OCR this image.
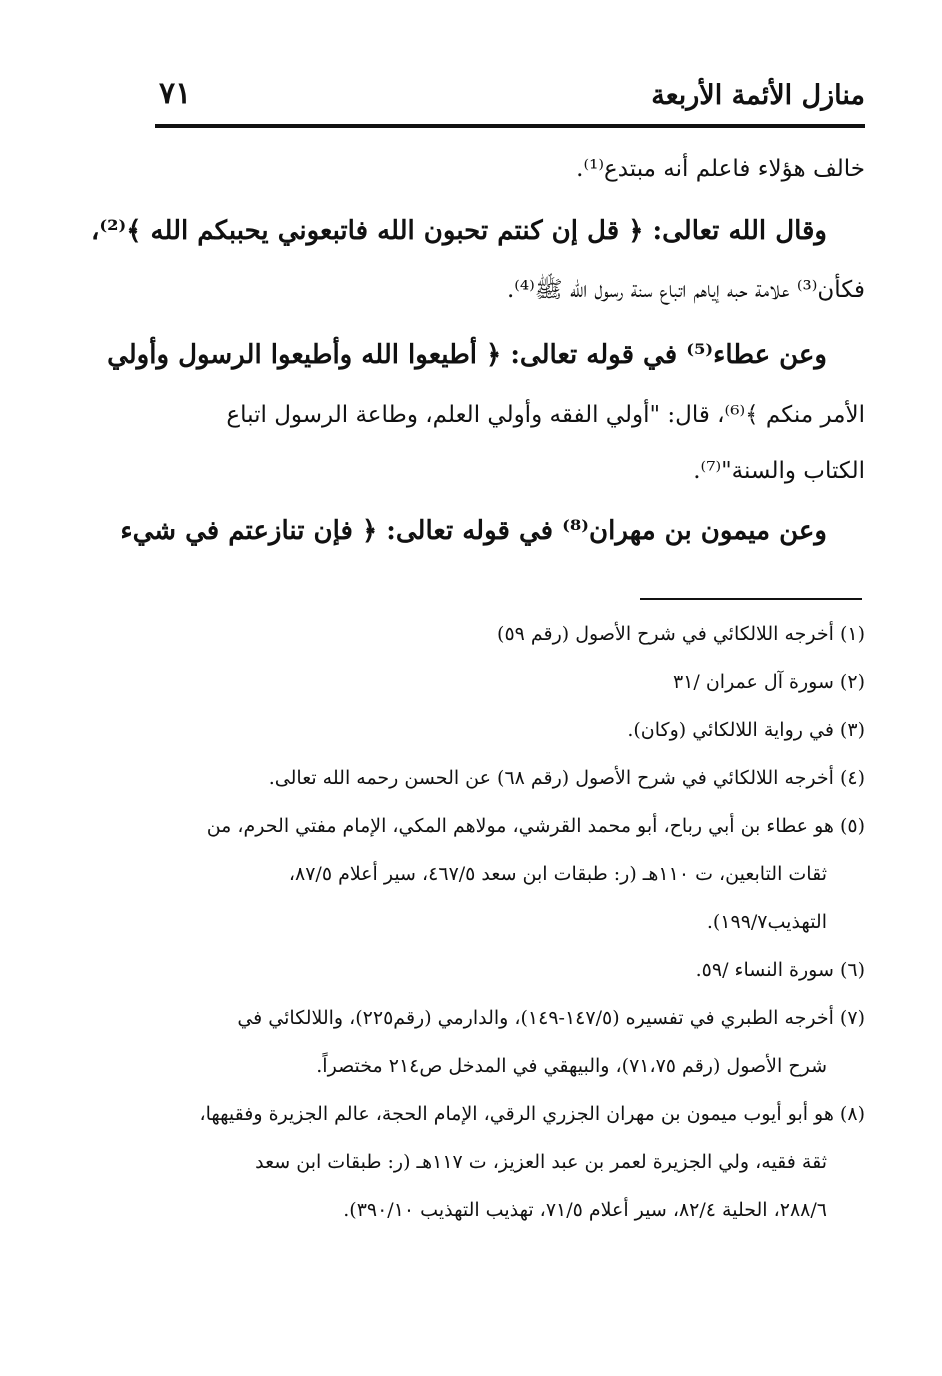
منازل الأئمة الأربعة
٧١
خالف هؤلاء فاعلم أنه مبتدع⁽¹⁾.
وقال الله تعالى: ﴿ قل إن كنتم تحبون الله فاتبعوني يحببكم الله ﴾⁽²⁾،
فكأن⁽³⁾ علامة حبه إياهم اتباع سنة رسول الله ﷺ⁽⁴⁾.
وعن عطاء⁽⁵⁾ في قوله تعالى: ﴿ أطيعوا الله وأطيعوا الرسول وأولي
الأمر منكم ﴾⁽⁶⁾، قال: "أولي الفقه وأولي العلم، وطاعة الرسول اتباع
الكتاب والسنة"⁽⁷⁾.
وعن ميمون بن مهران⁽⁸⁾ في قوله تعالى: ﴿ فإن تنازعتم في شيء
(١) أخرجه اللالكائي في شرح الأصول (رقم ٥٩)
(٢) سورة آل عمران /٣١
(٣) في رواية اللالكائي (وكان).
(٤) أخرجه اللالكائي في شرح الأصول (رقم ٦٨) عن الحسن رحمه الله تعالى.
(٥) هو عطاء بن أبي رباح، أبو محمد القرشي، مولاهم المكي، الإمام مفتي الحرم، من
ثقات التابعين، ت ١١٠هـ (ر: طبقات ابن سعد ٤٦٧/٥، سير أعلام ٨٧/٥،
التهذيب١٩٩/٧).
(٦) سورة النساء /٥٩.
(٧) أخرجه الطبري في تفسيره (١٤٧/٥-١٤٩)، والدارمي (رقم٢٢٥)، واللالكائي في
شرح الأصول (رقم ٧١،٧٥)، والبيهقي في المدخل ص٢١٤ مختصراً.
(٨) هو أبو أيوب ميمون بن مهران الجزري الرقي، الإمام الحجة، عالم الجزيرة وفقيهها،
ثقة فقيه، ولي الجزيرة لعمر بن عبد العزيز، ت ١١٧هـ (ر: طبقات ابن سعد
٢٨٨/٦، الحلية ٨٢/٤، سير أعلام ٧١/٥، تهذيب التهذيب ٣٩٠/١٠).
